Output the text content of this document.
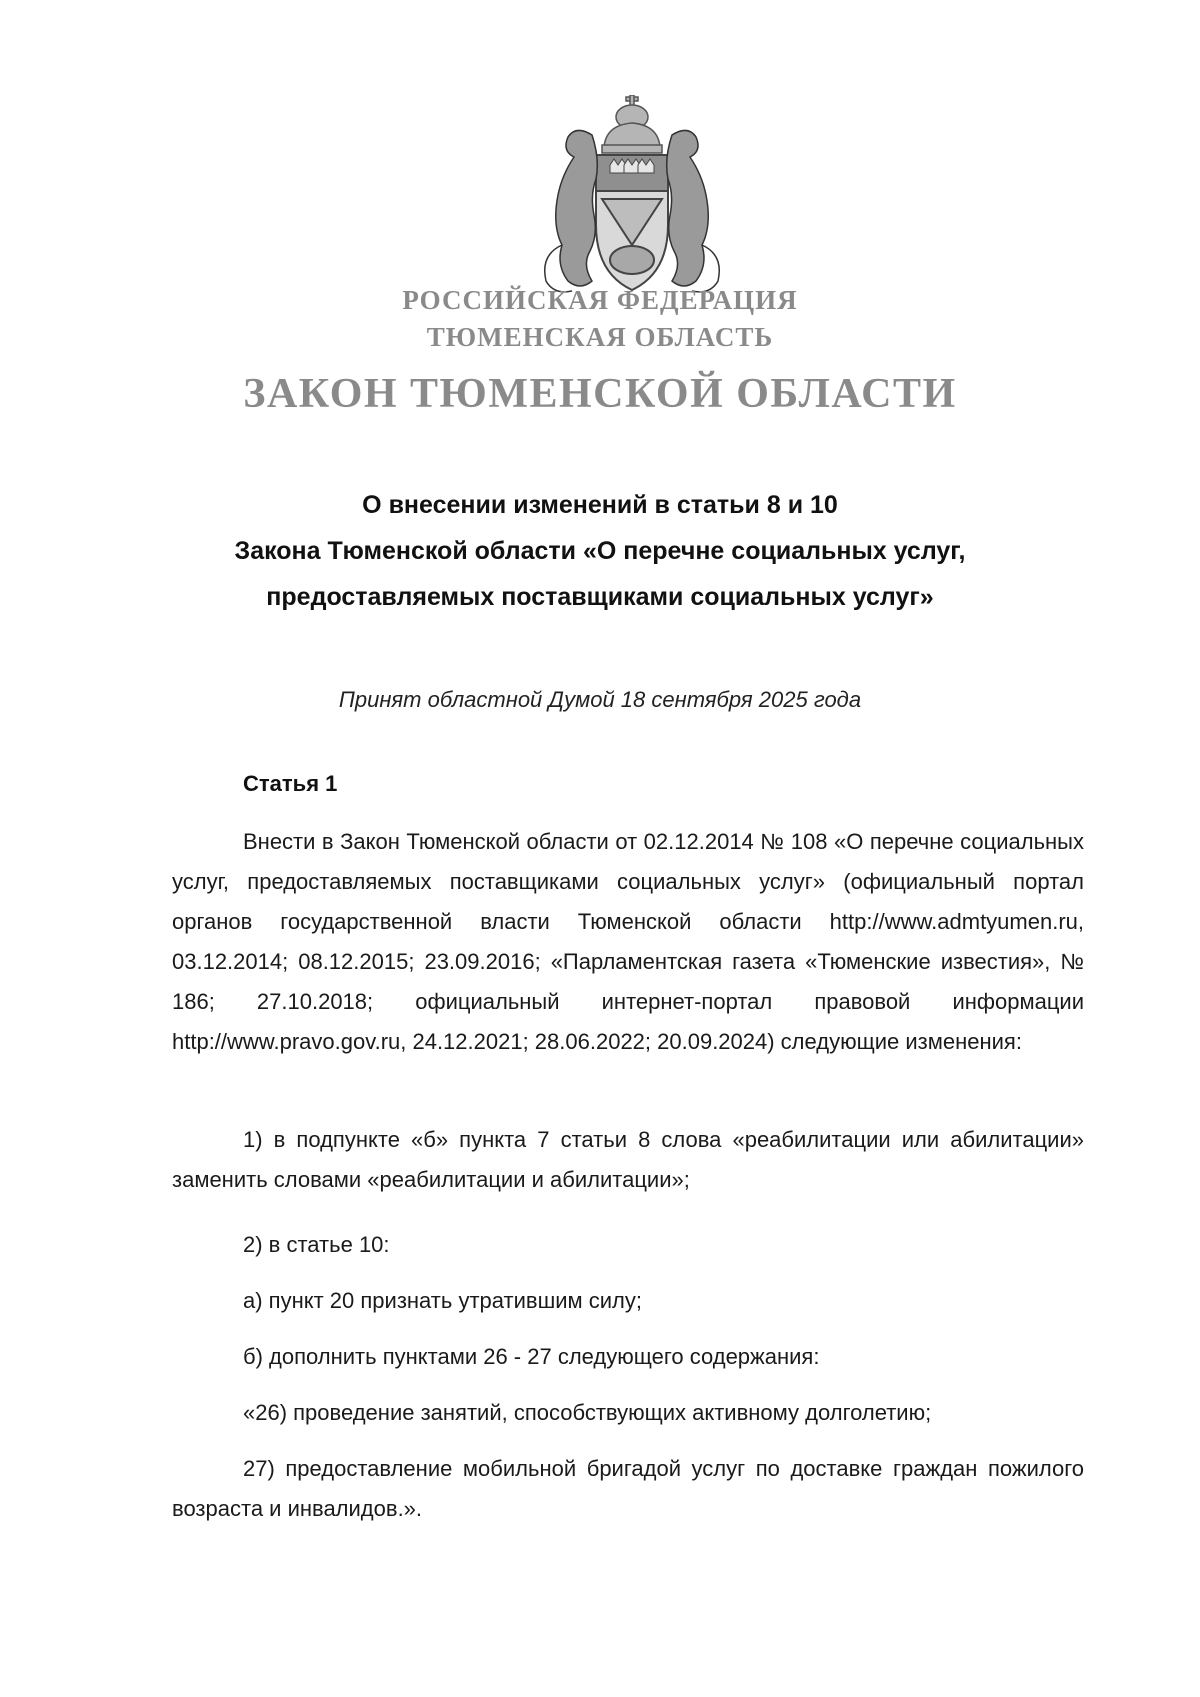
РОССИЙСКАЯ ФЕДЕРАЦИЯ
ТЮМЕНСКАЯ ОБЛАСТЬ
ЗАКОН ТЮМЕНСКОЙ ОБЛАСТИ
О внесении изменений в статьи 8 и 10
Закона Тюменской области «О перечне социальных услуг,
предоставляемых поставщиками социальных услуг»
Принят областной Думой 18 сентября 2025 года
Статья 1

Внести в Закон Тюменской области от 02.12.2014 № 108 «О перечне социальных услуг, предоставляемых поставщиками социальных услуг» (официальный портал органов государственной власти Тюменской области http://www.admtyumen.ru, 03.12.2014; 08.12.2015; 23.09.2016; «Парламентская газета «Тюменские известия», № 186; 27.10.2018; официальный интернет-портал правовой информации http://www.pravo.gov.ru, 24.12.2021; 28.06.2022; 20.09.2024) следующие изменения:

1) в подпункте «б» пункта 7 статьи 8 слова «реабилитации или абилитации» заменить словами «реабилитации и абилитации»;

2) в статье 10:

а) пункт 20 признать утратившим силу;

б) дополнить пунктами 26 - 27 следующего содержания:

«26) проведение занятий, способствующих активному долголетию;

27) предоставление мобильной бригадой услуг по доставке граждан пожилого возраста и инвалидов.».
